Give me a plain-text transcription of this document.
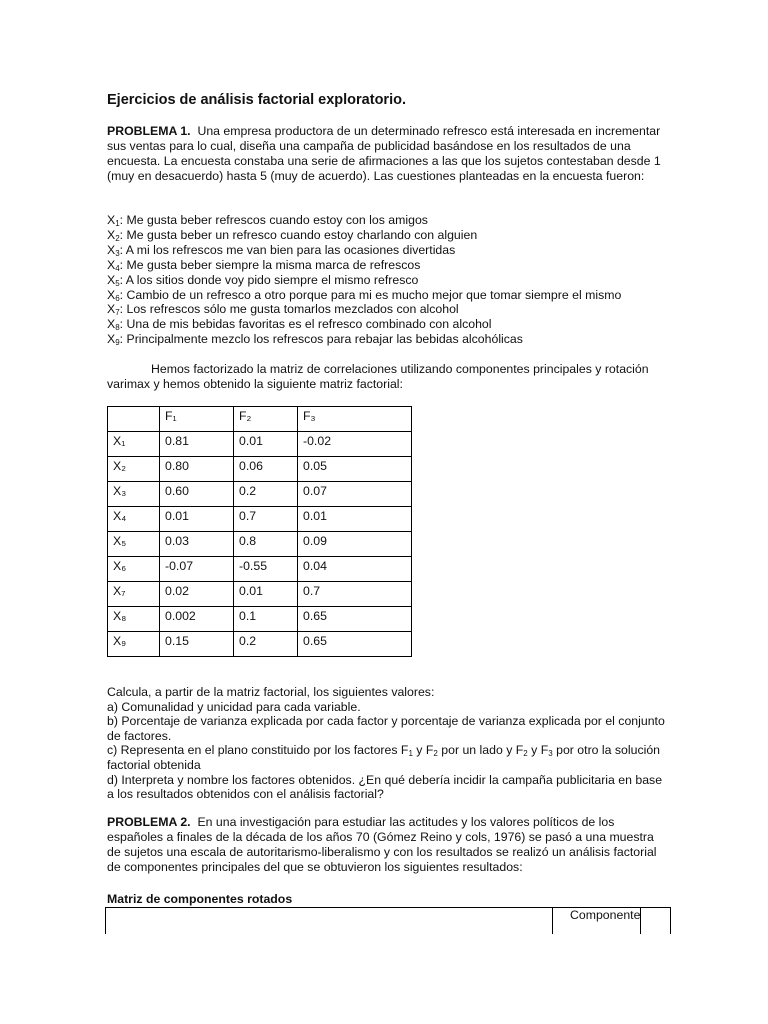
Ejercicios de análisis factorial exploratorio.

PROBLEMA 1. Una empresa productora de un determinado refresco está interesada en incrementar sus ventas para lo cual, diseña una campaña de publicidad basándose en los resultados de una encuesta. La encuesta constaba una serie de afirmaciones a las que los sujetos contestaban desde 1 (muy en desacuerdo) hasta 5 (muy de acuerdo). Las cuestiones planteadas en la encuesta fueron:

$X_1$: Me gusta beber refrescos cuando estoy con los amigos
$X_2$: Me gusta beber un refresco cuando estoy charlando con alguien
$X_3$: A mi los refrescos me van bien para las ocasiones divertidas
$X_4$: Me gusta beber siempre la misma marca de refrescos
$X_5$: A los sitios donde voy pido siempre el mismo refresco
$X_6$: Cambio de un refresco a otro porque para mi es mucho mejor que tomar siempre el mismo
$X_7$: Los refrescos sólo me gusta tomarlos mezclados con alcohol
$X_8$: Una de mis bebidas favoritas es el refresco combinado con alcohol
$X_9$: Principalmente mezclo los refrescos para rebajar las bebidas alcohólicas

Hemos factorizado la matriz de correlaciones utilizando componentes principales y rotación varimax y hemos obtenido la siguiente matriz factorial:

	F₁	F₂	F₃
X₁	0.81	0.01	-0.02
X₂	0.80	0.06	0.05
X₃	0.60	0.2	0.07
X₄	0.01	0.7	0.01
X₅	0.03	0.8	0.09
X₆	-0.07	-0.55	0.04
X₇	0.02	0.01	0.7
X₈	0.002	0.1	0.65
X₉	0.15	0.2	0.65
Calcula, a partir de la matriz factorial, los siguientes valores:
a) Comunalidad y unicidad para cada variable.
b) Porcentaje de varianza explicada por cada factor y porcentaje de varianza explicada por el conjunto de factores.
c) Representa en el plano constituido por los factores $F_1$ y $F_2$ por un lado y $F_2$ y $F_3$ por otro la solución factorial obtenida
d) Interpreta y nombre los factores obtenidos. ¿En qué debería incidir la campaña publicitaria en base a los resultados obtenidos con el análisis factorial?

PROBLEMA 2. En una investigación para estudiar las actitudes y los valores políticos de los españoles a finales de la década de los años 70 (Gómez Reino y cols, 1976) se pasó a una muestra de sujetos una escala de autoritarismo-liberalismo y con los resultados se realizó un análisis factorial de componentes principales del que se obtuvieron los siguientes resultados:

Matriz de componentes rotados
Componente
